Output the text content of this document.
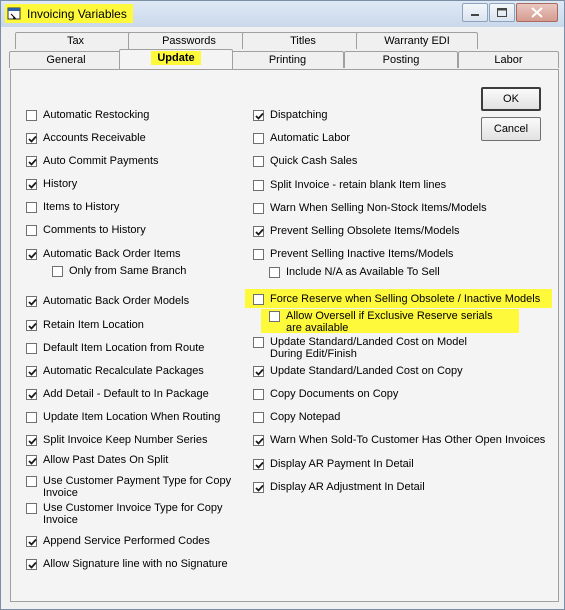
Invoicing Variables
Tax	Passwords	Titles	Warranty EDI
General	Update	Printing	Posting	Labor
OK
Cancel
Automatic Restocking
Accounts Receivable
Auto Commit Payments
History
Items to History
Comments to History
Automatic Back Order Items
Only from Same Branch
Automatic Back Order Models
Retain Item Location
Default Item Location from Route
Automatic Recalculate Packages
Add Detail - Default to In Package
Update Item Location When Routing
Split Invoice Keep Number Series
Allow Past Dates On Split
Use Customer Payment Type for Copy Invoice
Use Customer Invoice Type for Copy Invoice
Append Service Performed Codes
Allow Signature line with no Signature
Dispatching
Automatic Labor
Quick Cash Sales
Split Invoice - retain blank Item lines
Warn When Selling Non-Stock Items/Models
Prevent Selling Obsolete Items/Models
Prevent Selling Inactive Items/Models
Include N/A as Available To Sell
Force Reserve when Selling Obsolete / Inactive Models
Allow Oversell if Exclusive Reserve serials are available
Update Standard/Landed Cost on Model During Edit/Finish
Update Standard/Landed Cost on Copy
Copy Documents on Copy
Copy Notepad
Warn When Sold-To Customer Has Other Open Invoices
Display AR Payment In Detail
Display AR Adjustment In Detail
